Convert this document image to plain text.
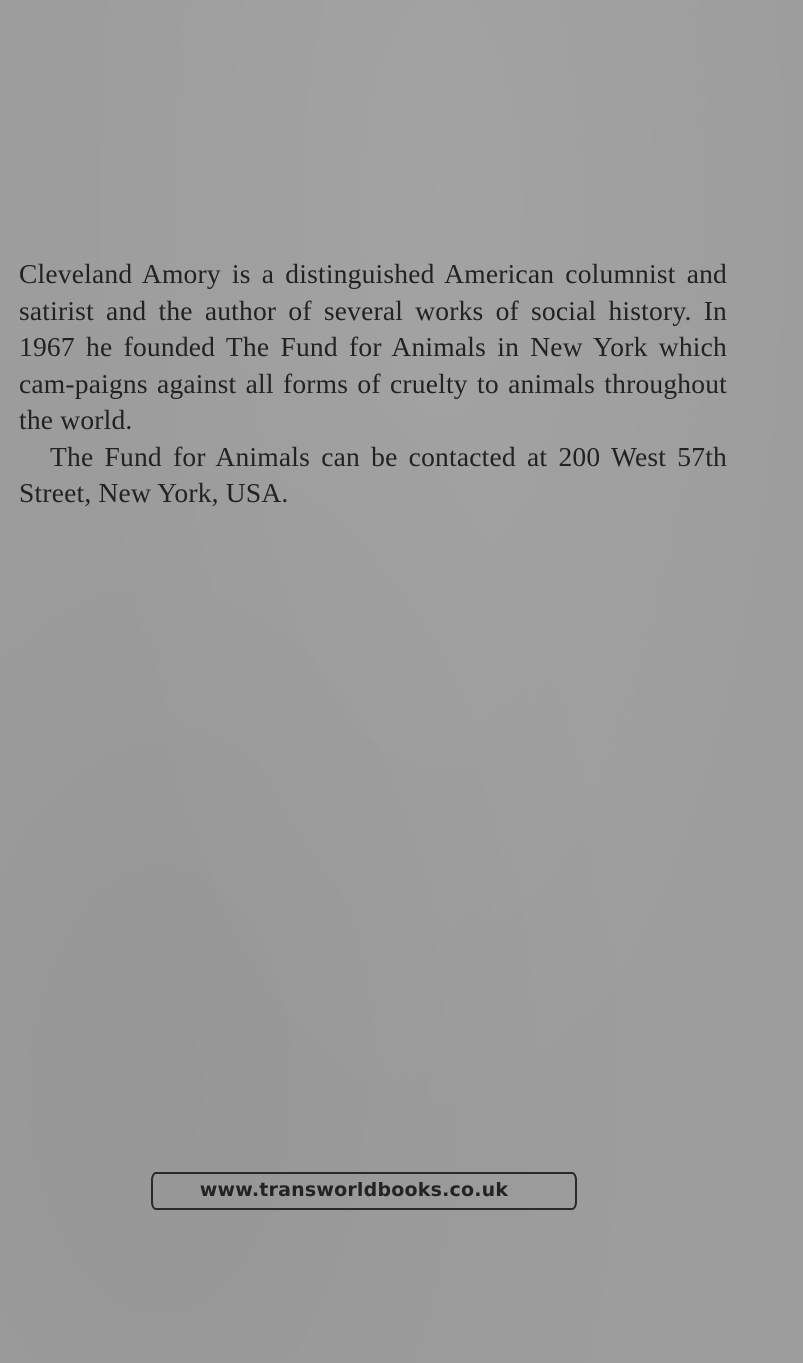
Cleveland Amory is a distinguished American columnist and satirist and the author of several works of social history. In 1967 he founded The Fund for Animals in New York which cam-paigns against all forms of cruelty to animals throughout the world.

The Fund for Animals can be contacted at 200 West 57th Street, New York, USA.

www.transworldbooks.co.uk
